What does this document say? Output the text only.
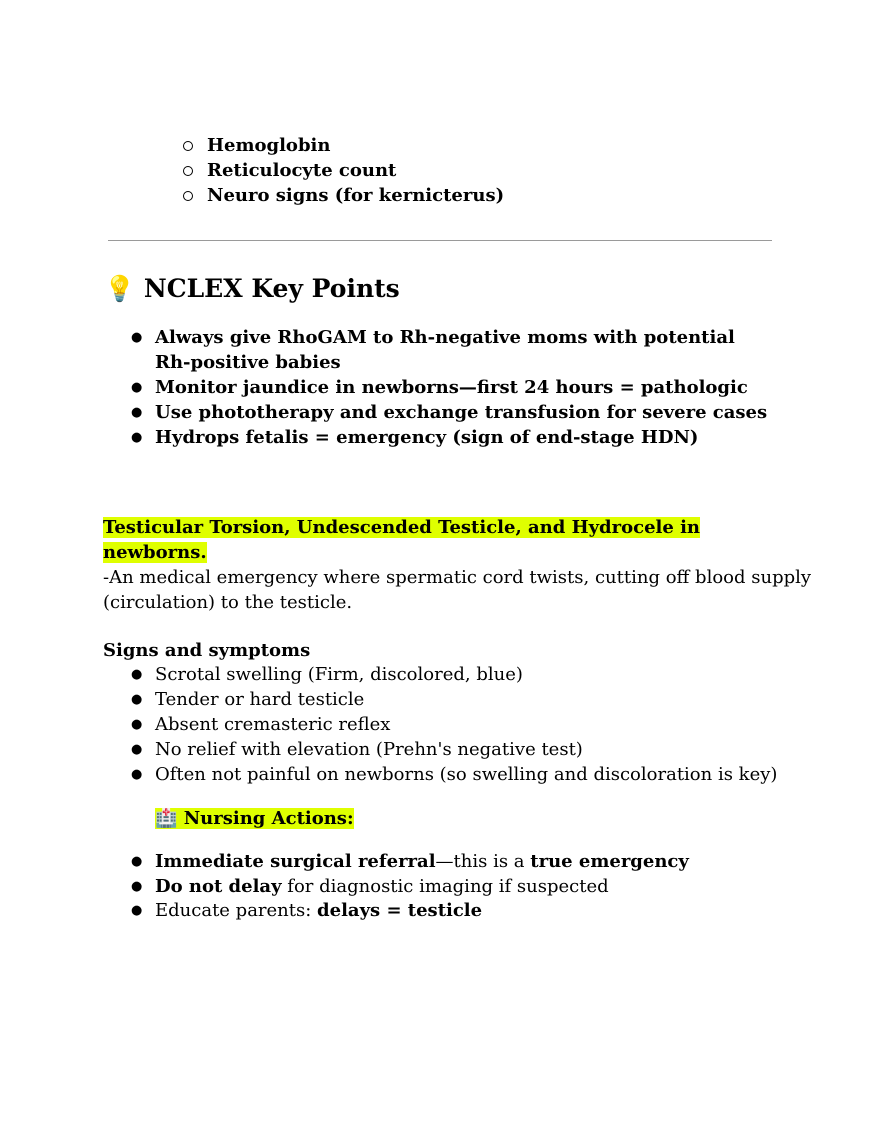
Hemoglobin
Reticulocyte count
Neuro signs (for kernicterus)
💡 NCLEX Key Points
● Always give RhoGAM to Rh-negative moms with potential
Rh-positive babies
● Monitor jaundice in newborns—first 24 hours = pathologic
● Use phototherapy and exchange transfusion for severe cases
● Hydrops fetalis = emergency (sign of end-stage HDN)
Testicular Torsion, Undescended Testicle, and Hydrocele in
newborns.
-An medical emergency where spermatic cord twists, cutting off blood supply
(circulation) to the testicle.
Signs and symptoms
● Scrotal swelling (Firm, discolored, blue)
● Tender or hard testicle
● Absent cremasteric reflex
● No relief with elevation (Prehn's negative test)
● Often not painful on newborns (so swelling and discoloration is key)
🏥 Nursing Actions:
● Immediate surgical referral—this is a true emergency
● Do not delay for diagnostic imaging if suspected
● Educate parents: delays = testicle
